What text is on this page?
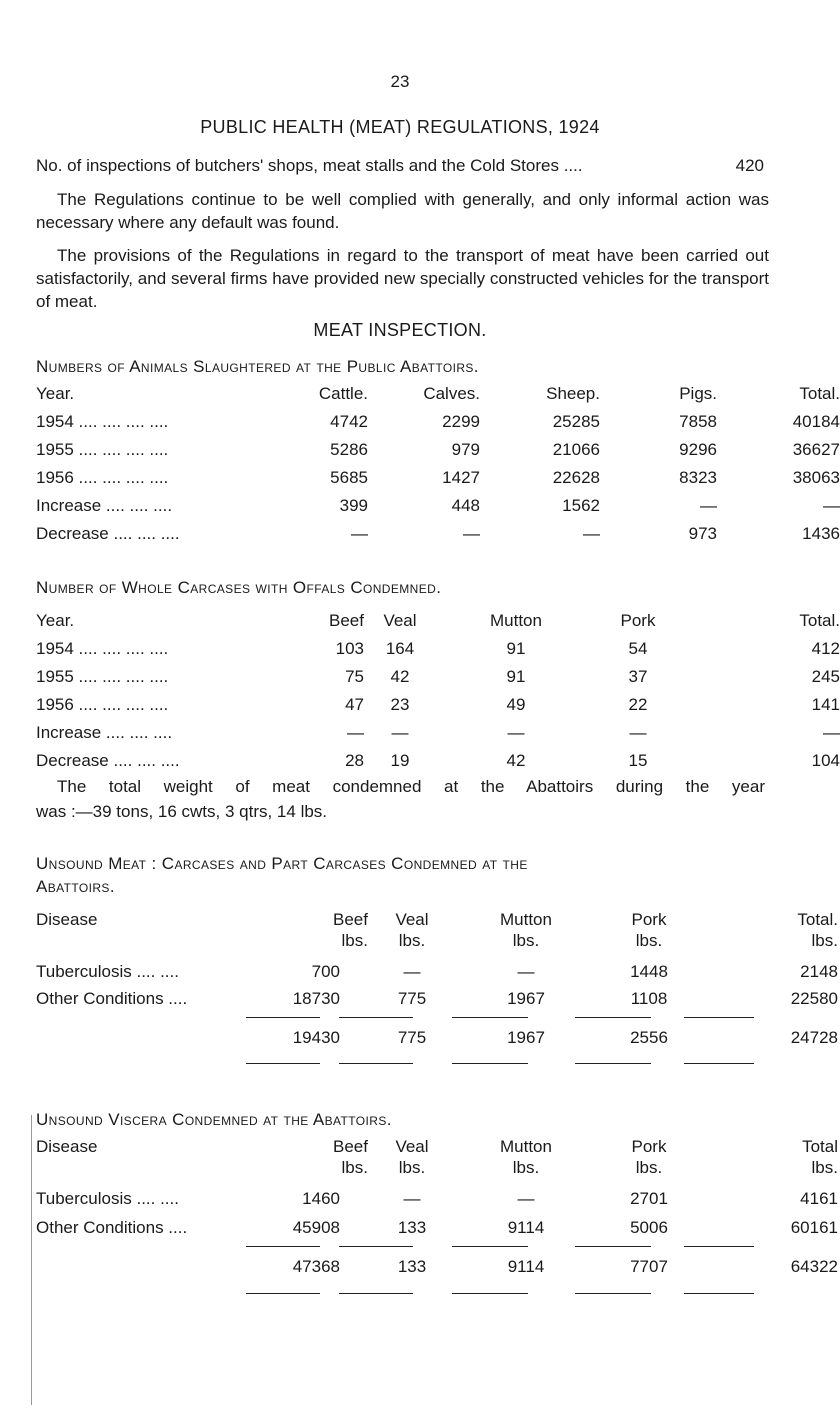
23
PUBLIC HEALTH (MEAT) REGULATIONS, 1924
No. of inspections of butchers' shops, meat stalls and the Cold Stores ....	420
The Regulations continue to be well complied with generally, and only informal action was necessary where any default was found.
The provisions of the Regulations in regard to the transport of meat have been carried out satisfactorily, and several firms have provided new specially constructed vehicles for the transport of meat.
MEAT INSPECTION.
Numbers of Animals Slaughtered at the Public Abattoirs.
Year.	Cattle.	Calves.	Sheep.	Pigs.	Total.
1954 .... .... .... ....	4742	2299	25285	7858	40184
1955 .... .... .... ....	5286	979	21066	9296	36627
1956 .... .... .... ....	5685	1427	22628	8323	38063
Increase .... .... ....	399	448	1562	—	—
Decrease .... .... ....	—	—	—	973	1436
Number of Whole Carcases with Offals Condemned.
Year.	Beef	Veal	Mutton	Pork	Total.
1954 .... .... .... ....	103	164	91	54	412
1955 .... .... .... ....	75	42	91	37	245
1956 .... .... .... ....	47	23	49	22	141
Increase .... .... ....	—	—	—	—	—
Decrease .... .... ....	28	19	42	15	104
The total weight of meat condemned at the Abattoirs during the year
was :—39 tons, 16 cwts, 3 qtrs, 14 lbs.
Unsound Meat : Carcases and Part Carcases Condemned at the
Abattoirs.
Disease	Beef	Veal	Mutton	Pork	Total.
lbs.	lbs.	lbs.	lbs.	lbs.
Tuberculosis .... ....	700	—	—	1448	2148
Other Conditions ....	18730	775	1967	1108	22580
19430	775	1967	2556	24728
Unsound Viscera Condemned at the Abattoirs.
Disease	Beef	Veal	Mutton	Pork	Total
lbs.	lbs.	lbs.	lbs.	lbs.
Tuberculosis .... ....	1460	—	—	2701	4161
Other Conditions ....	45908	133	9114	5006	60161
47368	133	9114	7707	64322
